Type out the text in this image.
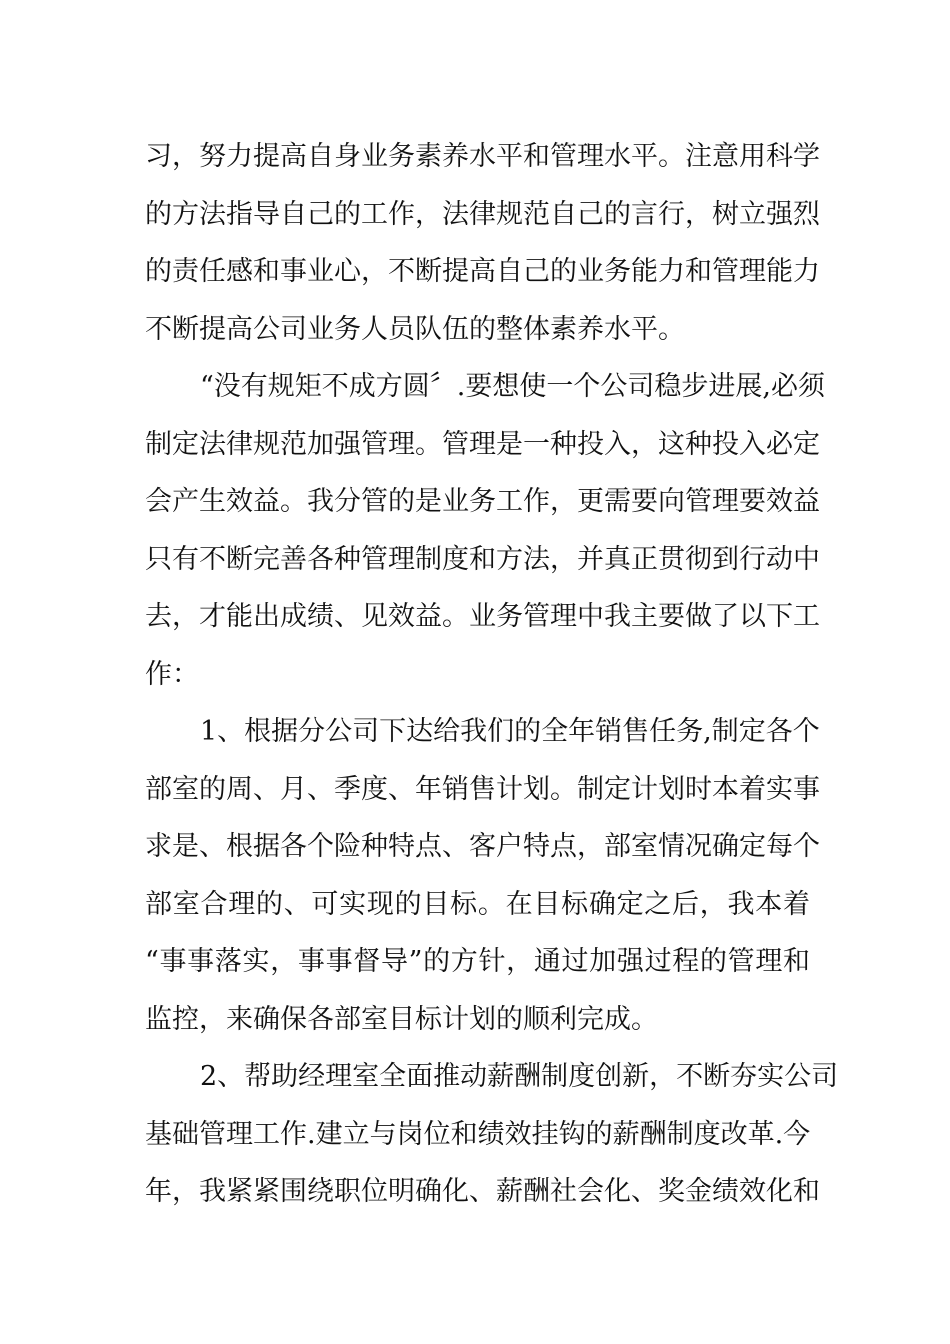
习，努力提高自身业务素养水平和管理水平。注意用科学
的方法指导自己的工作，法律规范自己的言行，树立强烈
的责任感和事业心，不断提高自己的业务能力和管理能力
不断提高公司业务人员队伍的整体素养水平。
“没有规矩不成方圆〞.要想使一个公司稳步进展,必须
制定法律规范加强管理。管理是一种投入，这种投入必定
会产生效益。我分管的是业务工作，更需要向管理要效益
只有不断完善各种管理制度和方法，并真正贯彻到行动中
去，才能出成绩、见效益。业务管理中我主要做了以下工
作：
1、根据分公司下达给我们的全年销售任务,制定各个
部室的周、月、季度、年销售计划。制定计划时本着实事
求是、根据各个险种特点、客户特点，部室情况确定每个
部室合理的、可实现的目标。在目标确定之后，我本着
“事事落实，事事督导”的方针，通过加强过程的管理和
监控，来确保各部室目标计划的顺利完成。
2、帮助经理室全面推动薪酬制度创新，不断夯实公司
基础管理工作.建立与岗位和绩效挂钩的薪酬制度改革.今
年，我紧紧围绕职位明确化、薪酬社会化、奖金绩效化和
